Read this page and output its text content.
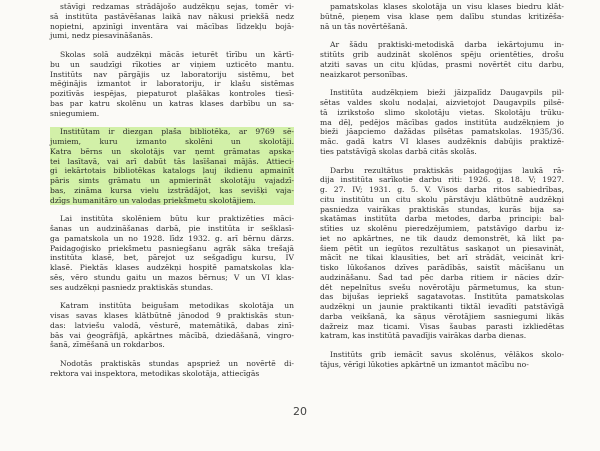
stāvīgi redzamas strādājošo audzēkņu sejas, tomēr vi-
sā institūta pastāvēšanas laikā nav nākusi priekšā nedz
nopietni, apzinīgi inventāra vai mācības līdzekļu bojā-
jumi, nedz piesavināšanās.
Skolas solā audzēkņi mācās ieturēt tīrību un kārtī-
bu un saudzīgi rīkoties ar viņiem uzticēto mantu.
Institūts nav pārgājis uz laboratoriju sistēmu, bet
mēģinājis izmantot ir laboratoriju, ir klašu sistēmas
pozitīvās iespējas, piepaturot plašākas kontroles tiesī-
bas par katru skolēnu un katras klases darbību un sa-
sniegumiem.
Institūtam ir diezgan plaša bibliotēka, ar 9769 sē-
jumiem, kuru izmanto skolēni un skolotāji.
Katra bērns un skolotājs var ņemt grāmatas apska-
tei lasītavā, vai arī dabūt tās lasīšanai mājās. Attieci-
gi iekārtotais bibliotēkas katalogs ļauj ikdienu apmainīt
pāris simts grāmatu un apmierināt skolotāju vajadzī-
bas, zināma kursa vielu izstrādājot, kas sevišķi vaja-
dzīgs humanitāro un valodas priekšmetu skolotājiem.
Lai institūta skolēniem būtu kur praktizēties māci-
šanas un audzināšanas darbā, pie institūta ir sešklasī-
ga pamatskola un no 1928. līdz 1932. g. arī bērnu dārzs.
Paidagoģisko priekšmetu pasniegšanu agrāk sāka trešajā
institūta klasē, bet, pārejot uz sešgadīgu kursu, IV
klasē. Piektās klases audzēkņi hospitē pamatskolas kla-
sēs, vēro stundu gaitu un mazos bērnus; V un VI klas-
ses audzēkņi pasniedz praktiskās stundas.
Katram institūta beigušam metodikas skolotāja un
visas savas klases klātbūtnē jānodod 9 praktiskās stun-
das: latviešu valodā, vēsturē, matemātikā, dabas zinī-
bās vai ģeogrāfijā, apkārtnes mācībā, dziedāšanā, vingro-
šanā, zīmēšanā un rokdarbos.
Nodotās praktiskās stundas apspriež un novērtē di-
rektora vai inspektora, metodikas skolotāja, attiecīgās
pamatskolas klases skolotāja un visu klases biedru klāt-
būtnē, pieņem visa klase ņem dalību stundas kritizēša-
nā un tās novērtēšanā.
Ar šādu praktiski-metodiskā darba iekārtojumu in-
stitūts grib audzināt skolēnos spēju orientēties, drošu
atziti savas un citu kļūdas, prasmi novērtēt citu darbu,
neaizkarot personības.
Institūta audzēkņiem bieži jāizpalīdz Daugavpils pil-
sētas valdes skolu nodaļai, aizvietojot Daugavpils pilsē-
tā izrikstošo slimo skolotāju vietas. Skolotāju trūku-
ma dēļ, pedējos mācības gados institūta audzēkņiem jo
bieži jāapciemo dažādas pilsētas pamatskolas. 1935/36.
māc. gadā katrs VI klases audzēknis dabūjis praktizē-
ties patstāvīgā skolas darbā citās skolās.
Darbu rezultātus praktiskās paidagoģijas laukā rā-
dija institūta sarīkotie darbu riti: 1926. g. 18. V; 1927.
g. 27. IV; 1931. g. 5. V. Visos darba ritos sabiedrības,
citu institūtu un citu skolu pārstāvju klātbūtnē audzēkņi
pasniedza vairākas praktiskās stundas, kurās bija sa-
skatāmas institūta darba metodes, darba principi: bal-
stīties uz skolēnu pieredzējumiem, patstāvīgo darbu iz-
iet no apkārtnes, ne tik daudz demonstrēt, kā likt pa-
šiem pētīt un iegūtos rezultātus saskaņot un piesavināt,
mācīt ne tikai klausīties, bet arī strādāt, veicināt kri-
tisko lūkošanos dzīves parādībās, saistīt mācīšanu un
audzināšanu. Šad tad pēc darba ritiem ir nācies dzīr-
dēt nepelnītus svešu novērotāju pārmetumus, ka stun-
das bijušas iepriekš sagatavotas. Institūta pamatskolas
audzēkņi un jaunie praktikanti tiktāl ievadīti patstāvīgā
darba veikšanā, ka sāņus vērotājiem sasniegumi likās
dažreiz maz ticami. Visas šaubas parasti izkliedētas
katram, kas institūtā pavadījis vairākas darba dienas.
Institūts grib iemācīt savus skolēnus, vēlākos skolo-
tājus, vērīgi lūkoties apkārtnē un izmantot mācību no-
20
